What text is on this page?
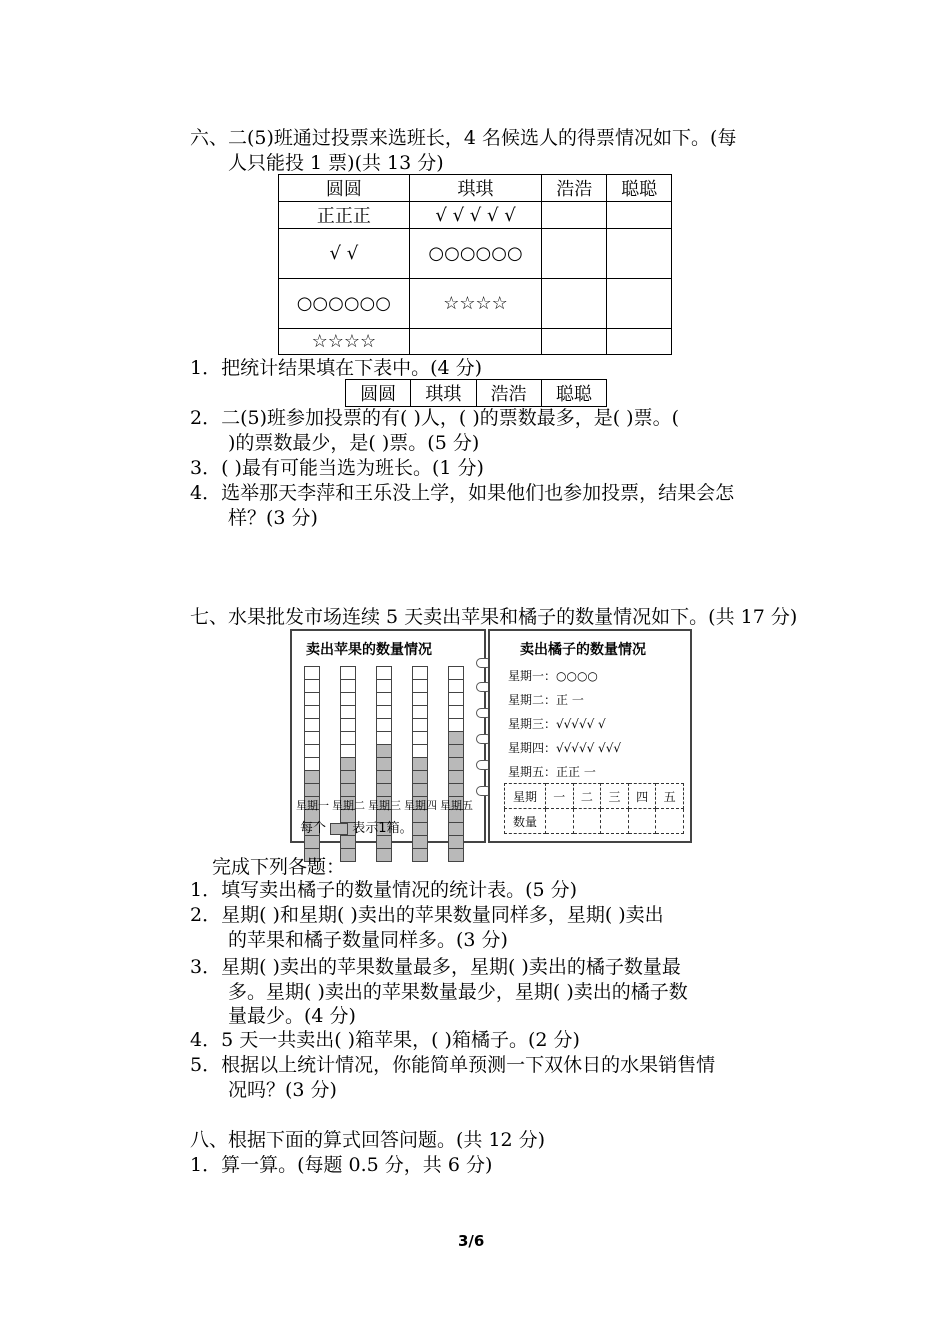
六、二(5)班通过投票来选班长，4 名候选人的得票情况如下。(每
人只能投 1 票)(共 13 分)
圆圆	琪琪	浩浩	聪聪
正正正	√ √ √ √ √		
√ √	○○○○○○		
○○○○○○	☆☆☆☆		
☆☆☆☆			
1．把统计结果填在下表中。(4 分)
圆圆	琪琪	浩浩	聪聪
2．二(5)班参加投票的有( )人，( )的票数最多，是( )票。(
)的票数最少，是( )票。(5 分)
3．( )最有可能当选为班长。(1 分)
4．选举那天李萍和王乐没上学，如果他们也参加投票，结果会怎
样？(3 分)
七、水果批发市场连续 5 天卖出苹果和橘子的数量情况如下。(共 17 分)
卖出苹果的数量情况
星期一 星期二 星期三 星期四 星期五
每个 表示1箱。
卖出橘子的数量情况
星期一：○○○○
星期二：正 ⼀
星期三：√√√√√ √
星期四：√√√√√ √√√
星期五：正正 ⼀
星期	一	二	三	四	五
数量					
完成下列各题：
1．填写卖出橘子的数量情况的统计表。(5 分)
2．星期( )和星期( )卖出的苹果数量同样多，星期( )卖出
的苹果和橘子数量同样多。(3 分)
3．星期( )卖出的苹果数量最多，星期( )卖出的橘子数量最
多。星期( )卖出的苹果数量最少，星期( )卖出的橘子数
量最少。(4 分)
4．5 天一共卖出( )箱苹果，( )箱橘子。(2 分)
5．根据以上统计情况，你能简单预测一下双休日的水果销售情
况吗？(3 分)
八、根据下面的算式回答问题。(共 12 分)
1．算一算。(每题 0.5 分，共 6 分)
3/6
